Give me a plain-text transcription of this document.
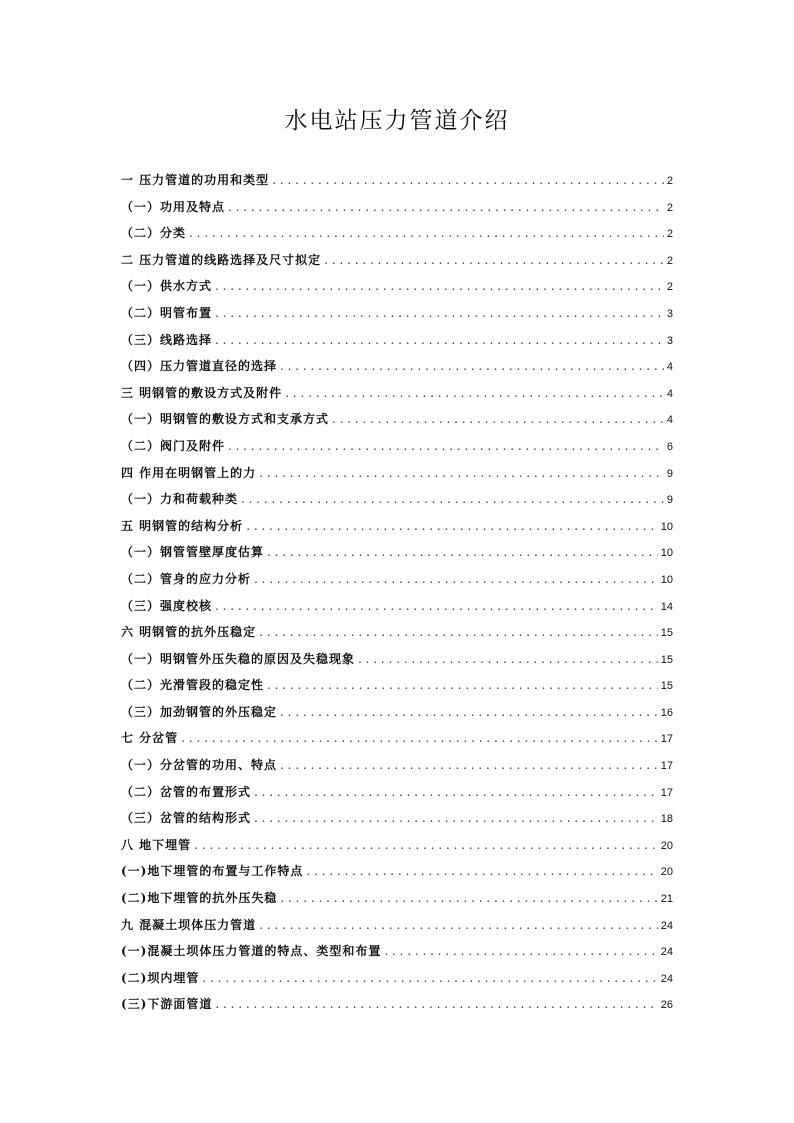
水电站压力管道介绍
一 压力管道的功用和类型 . . .	2
（一）功用及特点 . . .	2
（二）分类 . . .	2
二 压力管道的线路选择及尺寸拟定 . . .	2
（一）供水方式 . . .	2
（二）明管布置 . . .	3
（三）线路选择 . . .	3
（四）压力管道直径的选择 . . .	4
三 明钢管的敷设方式及附件 . . .	4
（一）明钢管的敷设方式和支承方式 . . .	4
（二）阀门及附件 . . .	6
四 作用在明钢管上的力 . . .	9
（一）力和荷载种类 . . .	9
五 明钢管的结构分析 . . .	10
（一）钢管管壁厚度估算 . . .	10
（二）管身的应力分析 . . .	10
（三）强度校核 . . .	14
六 明钢管的抗外压稳定 . . .	15
（一）明钢管外压失稳的原因及失稳现象 . . .	15
（二）光滑管段的稳定性 . . .	15
（三）加劲钢管的外压稳定 . . .	16
七 分岔管 . . .	17
（一）分岔管的功用、特点 . . .	17
（二）岔管的布置形式 . . .	17
（三）岔管的结构形式 . . .	18
八 地下埋管 . . .	20
(一)地下埋管的布置与工作特点 . . .	20
(二)地下埋管的抗外压失稳 . . .	21
九 混凝土坝体压力管道 . . .	24
(一)混凝土坝体压力管道的特点、类型和布置 . . .	24
(二)坝内埋管 . . .	24
(三)下游面管道 . . .	26
